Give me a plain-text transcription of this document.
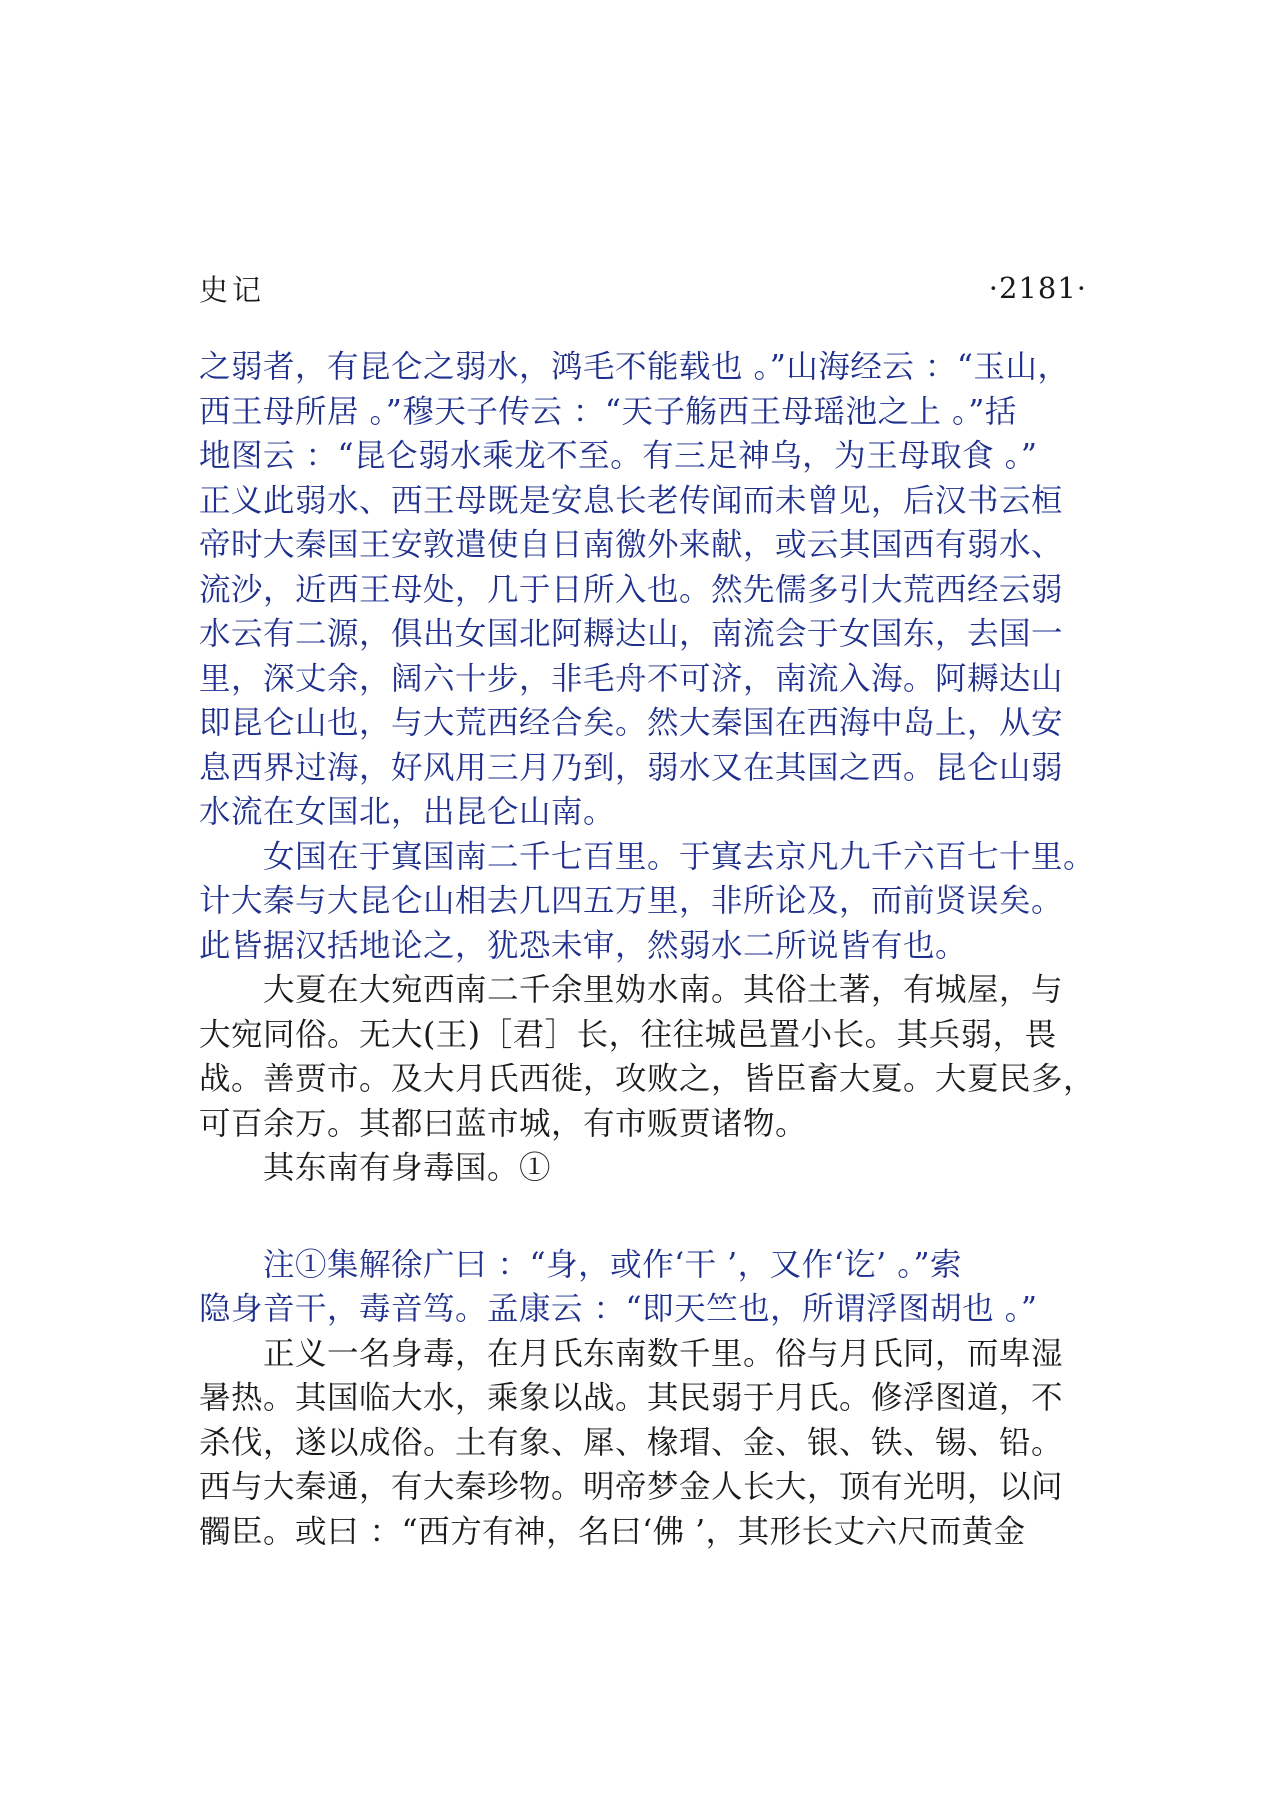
史记	·2181·
之弱者，有昆仑之弱水，鸿毛不能载也 。”山海经云 ：“玉山，
西王母所居 。”穆天子传云 ：“天子觞西王母瑶池之上 。”括
地图云 ：“昆仑弱水乘龙不至。有三足神乌，为王母取食 。”
正义此弱水、西王母既是安息长老传闻而未曾见，后汉书云桓
帝时大秦国王安敦遣使自日南徼外来献，或云其国西有弱水、
流沙，近西王母处，几于日所入也。然先儒多引大荒西经云弱
水云有二源，俱出女国北阿耨达山，南流会于女国东，去国一
里，深丈余，阔六十步，非毛舟不可济，南流入海。阿耨达山
即昆仑山也，与大荒西经合矣。然大秦国在西海中岛上，从安
息西界过海，好风用三月乃到，弱水又在其国之西。昆仑山弱
水流在女国北，出昆仑山南。
女国在于寘国南二千七百里。于寘去京凡九千六百七十里。
计大秦与大昆仑山相去几四五万里，非所论及，而前贤误矣。
此皆据汉括地论之，犹恐未审，然弱水二所说皆有也。
大夏在大宛西南二千余里妫水南。其俗土著，有城屋，与
大宛同俗。无大(王)［君］长，往往城邑置小长。其兵弱，畏
战。善贾市。及大月氏西徙，攻败之，皆臣畜大夏。大夏民多，
可百余万。其都曰蓝市城，有市贩贾诸物。
其东南有身毒国。①
注①集解徐广曰 ：“身，或作‘干 ’，又作‘讫’ 。”索
隐身音干，毒音笃。孟康云 ：“即天竺也，所谓浮图胡也 。”
正义一名身毒，在月氏东南数千里。俗与月氏同，而卑湿
暑热。其国临大水，乘象以战。其民弱于月氏。修浮图道，不
杀伐，遂以成俗。土有象、犀、椽瑁、金、银、铁、锡、铅。
西与大秦通，有大秦珍物。明帝梦金人长大，顶有光明，以问
髑臣。或曰 ：“西方有神，名曰‘佛 ’，其形长丈六尺而黄金
